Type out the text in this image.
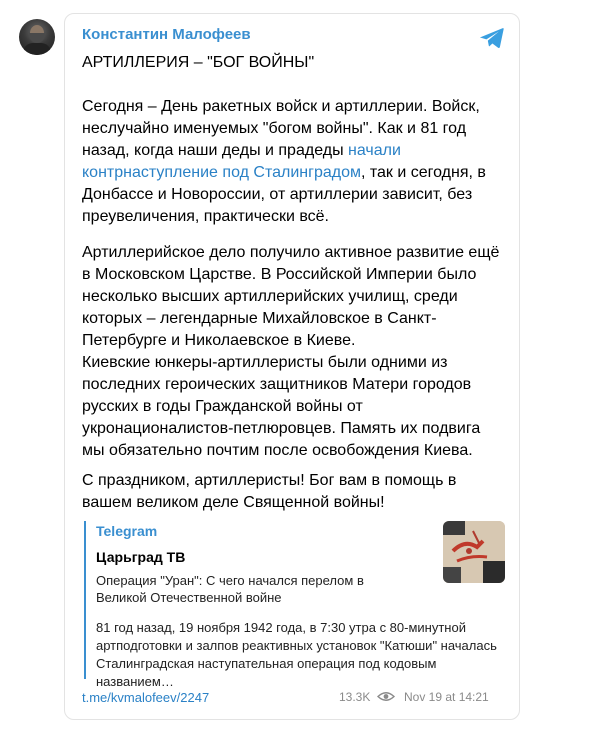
Константин Малофеев
АРТИЛЛЕРИЯ – "БОГ ВОЙНЫ"
Сегодня – День ракетных войск и артиллерии. Войск, неслучайно именуемых "богом войны". Как и 81 год назад, когда наши деды и прадеды начали контрнаступление под Сталинградом, так и сегодня, в Донбассе и Новороссии, от артиллерии зависит, без преувеличения, практически всё.
Артиллерийское дело получило активное развитие ещё в Московском Царстве. В Российской Империи было несколько высших артиллерийских училищ, среди которых – легендарные Михайловское в Санкт-Петербурге и Николаевское в Киеве.
Киевские юнкеры-артиллеристы были одними из последних героических защитников Матери городов русских в годы Гражданской войны от укронационалистов-петлюровцев. Память их подвига мы обязательно почтим после освобождения Киева.
С праздником, артиллеристы! Бог вам в помощь в вашем великом деле Священной войны!
Telegram
Царьград ТВ
Операция "Уран": С чего начался перелом в Великой Отечественной войне
81 год назад, 19 ноября 1942 года, в 7:30 утра с 80-минутной артподготовки и залпов реактивных установок "Катюши" началась Сталинградская наступательная операция под кодовым названием…
t.me/kvmalofeev/2247	13.3K	Nov 19 at 14:21
